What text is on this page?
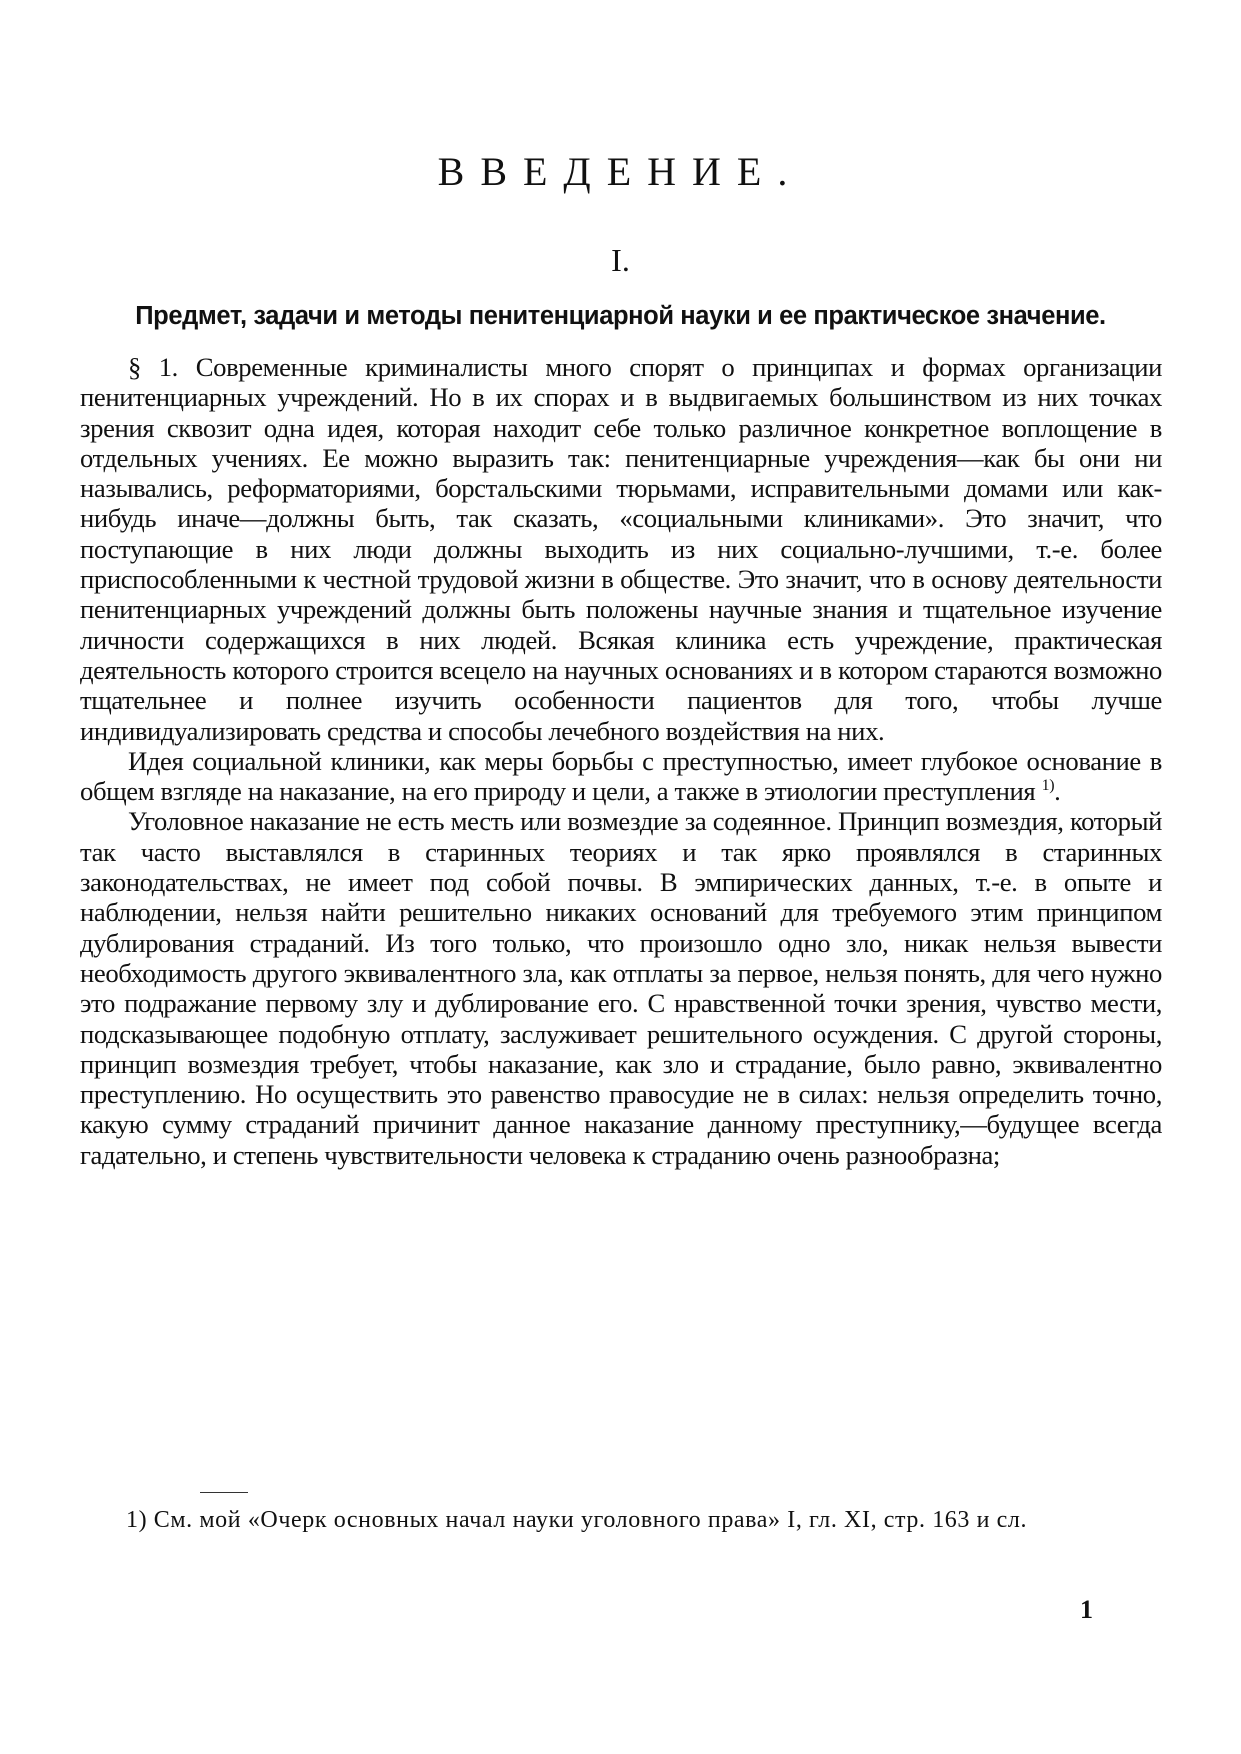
ВВЕДЕНИЕ.
I.
Предмет, задачи и методы пенитенциарной науки и ее практическое значение.

§ 1. Современные криминалисты много спорят о принципах и формах организации пенитенциарных учреждений. Но в их спорах и в выдвигаемых большинством из них точках зрения сквозит одна идея, которая находит себе только различное конкретное воплощение в отдельных учениях. Ее можно выразить так: пенитенциарные учреждения—как бы они ни назывались, реформаториями, борстальскими тюрьмами, исправительными домами или как-нибудь иначе—должны быть, так сказать, «социальными клиниками». Это значит, что поступающие в них люди должны выходить из них социально-лучшими, т.-е. более приспособленными к честной трудовой жизни в обществе. Это значит, что в основу деятельности пенитенциарных учреждений должны быть положены научные знания и тщательное изучение личности содержащихся в них людей. Всякая клиника есть учреждение, практическая деятельность которого строится всецело на научных основаниях и в котором стараются возможно тщательнее и полнее изучить особенности пациентов для того, чтобы лучше индивидуализировать средства и способы лечебного воздействия на них.

Идея социальной клиники, как меры борьбы с преступностью, имеет глубокое основание в общем взгляде на наказание, на его природу и цели, а также в этиологии преступления $^{1)}$.

Уголовное наказание не есть месть или возмездие за содеянное. Принцип возмездия, который так часто выставлялся в старинных теориях и так ярко проявлялся в старинных законодательствах, не имеет под собой почвы. В эмпирических данных, т.-е. в опыте и наблюдении, нельзя найти решительно никаких оснований для требуемого этим принципом дублирования страданий. Из того только, что произошло одно зло, никак нельзя вывести необходимость другого эквивалентного зла, как отплаты за первое, нельзя понять, для чего нужно это подражание первому злу и дублирование его. С нравственной точки зрения, чувство мести, подсказывающее подобную отплату, заслуживает решительного осуждения. С другой стороны, принцип возмездия требует, чтобы наказание, как зло и страдание, было равно, эквивалентно преступлению. Но осуществить это равенство правосудие не в силах: нельзя определить точно, какую сумму страданий причинит данное наказание данному преступнику,—будущее всегда гадательно, и степень чувствительности человека к страданию очень разнообразна;

1) См. мой «Очерк основных начал науки уголовного права» I, гл. XI, стр. 163 и сл.

1
